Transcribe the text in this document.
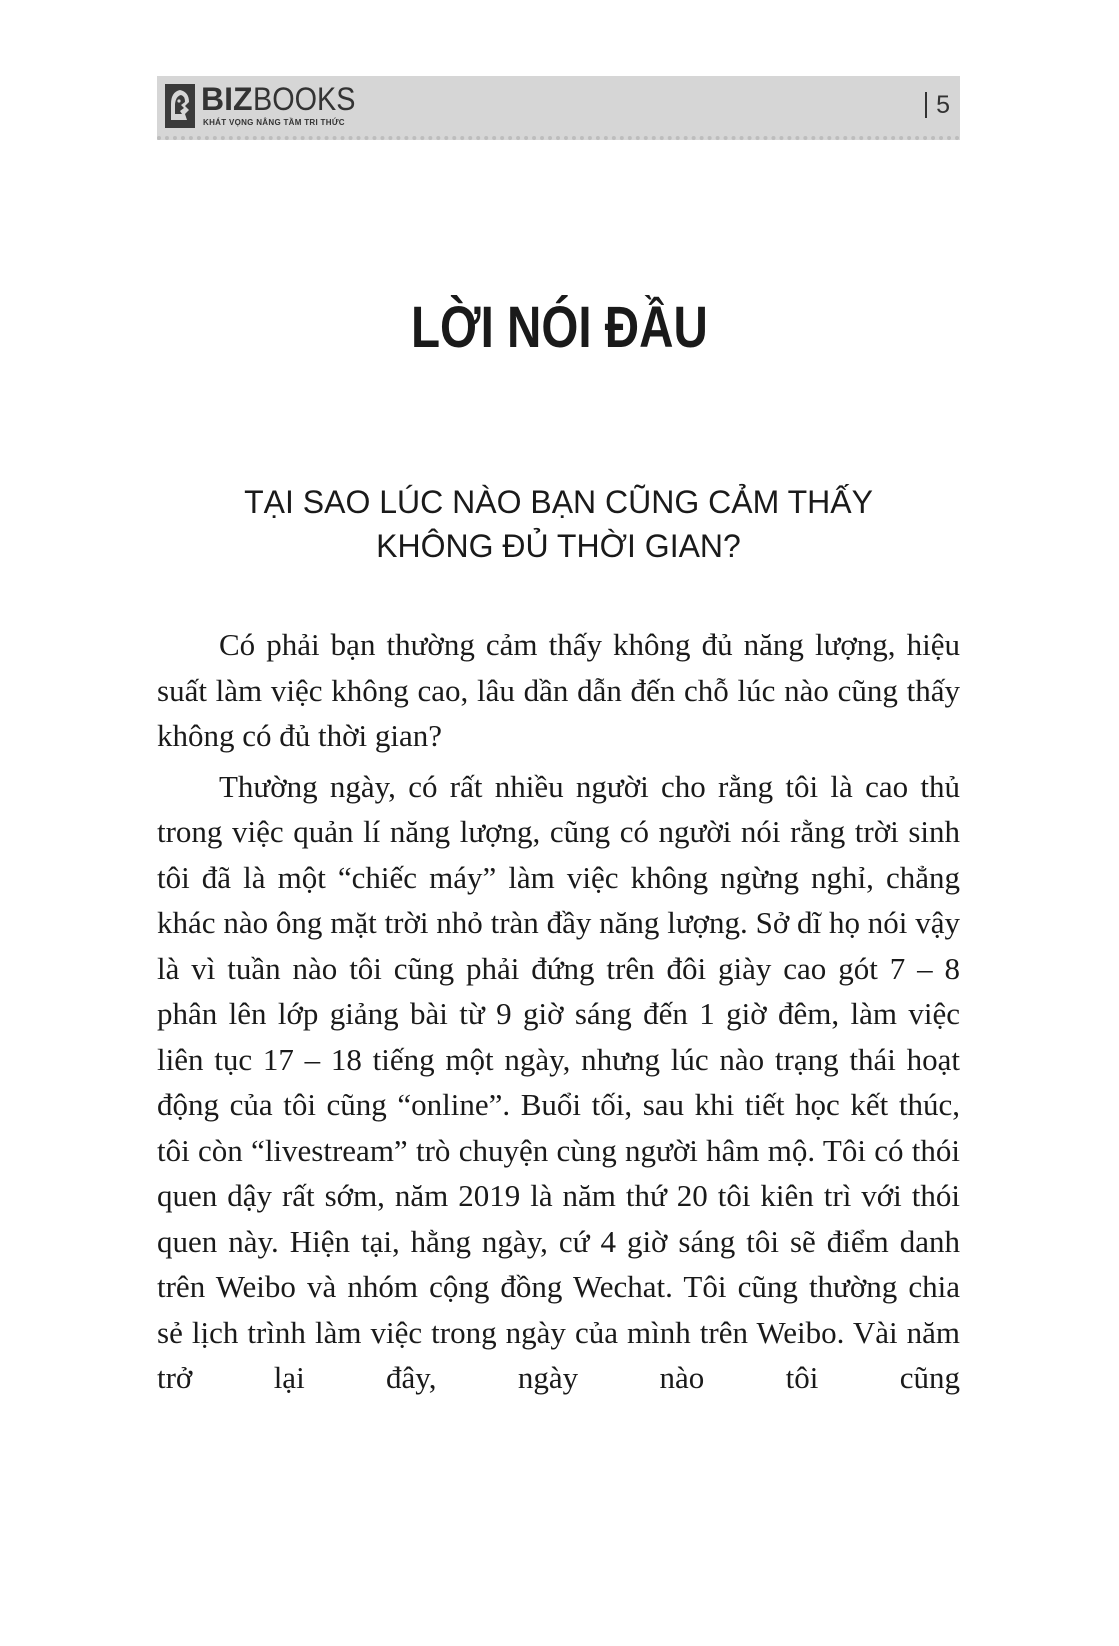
BIZBOOKS
KHÁT VỌNG NÂNG TẦM TRI THỨC
5
LỜI NÓI ĐẦU
TẠI SAO LÚC NÀO BẠN CŨNG CẢM THẤY
KHÔNG ĐỦ THỜI GIAN?

Có phải bạn thường cảm thấy không đủ năng lượng, hiệu suất làm việc không cao, lâu dần dẫn đến chỗ lúc nào cũng thấy không có đủ thời gian?

Thường ngày, có rất nhiều người cho rằng tôi là cao thủ trong việc quản lí năng lượng, cũng có người nói rằng trời sinh tôi đã là một “chiếc máy” làm việc không ngừng nghỉ, chẳng khác nào ông mặt trời nhỏ tràn đầy năng lượng. Sở dĩ họ nói vậy là vì tuần nào tôi cũng phải đứng trên đôi giày cao gót 7 – 8 phân lên lớp giảng bài từ 9 giờ sáng đến 1 giờ đêm, làm việc liên tục 17 – 18 tiếng một ngày, nhưng lúc nào trạng thái hoạt động của tôi cũng “online”. Buổi tối, sau khi tiết học kết thúc, tôi còn “livestream” trò chuyện cùng người hâm mộ. Tôi có thói quen dậy rất sớm, năm 2019 là năm thứ 20 tôi kiên trì với thói quen này. Hiện tại, hằng ngày, cứ 4 giờ sáng tôi sẽ điểm danh trên Weibo và nhóm cộng đồng Wechat. Tôi cũng thường chia sẻ lịch trình làm việc trong ngày của mình trên Weibo. Vài năm trở lại đây, ngày nào tôi cũng
